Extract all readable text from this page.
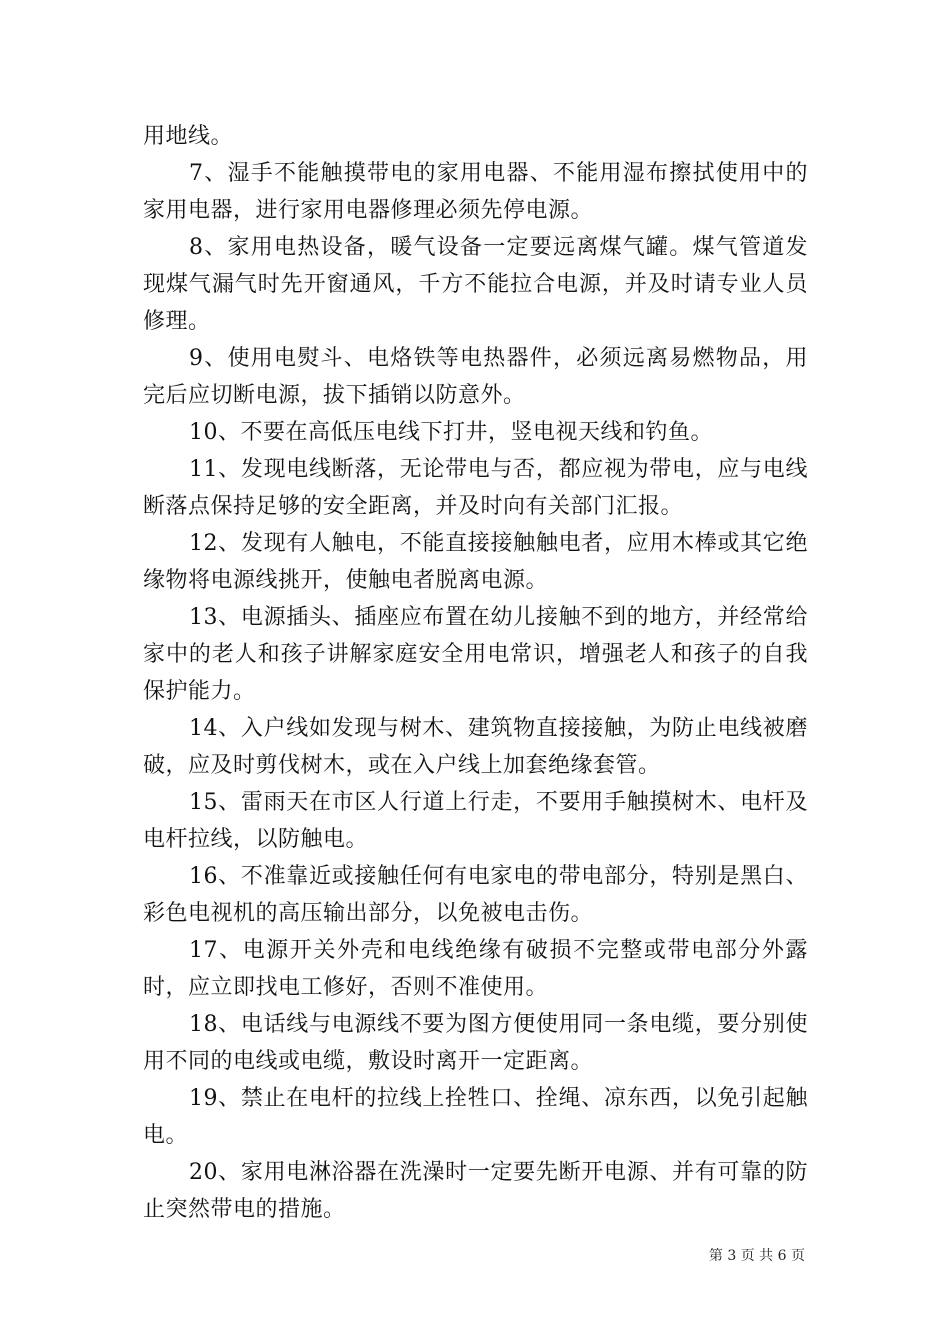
用地线。

7、湿手不能触摸带电的家用电器、不能用湿布擦拭使用中的家用电器，进行家用电器修理必须先停电源。

8、家用电热设备，暖气设备一定要远离煤气罐。煤气管道发现煤气漏气时先开窗通风，千方不能拉合电源，并及时请专业人员修理。

9、使用电熨斗、电烙铁等电热器件，必须远离易燃物品，用完后应切断电源，拔下插销以防意外。

10、不要在高低压电线下打井，竖电视天线和钓鱼。

11、发现电线断落，无论带电与否，都应视为带电，应与电线断落点保持足够的安全距离，并及时向有关部门汇报。

12、发现有人触电，不能直接接触触电者，应用木棒或其它绝缘物将电源线挑开，使触电者脱离电源。

13、电源插头、插座应布置在幼儿接触不到的地方，并经常给家中的老人和孩子讲解家庭安全用电常识，增强老人和孩子的自我保护能力。

14、入户线如发现与树木、建筑物直接接触，为防止电线被磨破，应及时剪伐树木，或在入户线上加套绝缘套管。

15、雷雨天在市区人行道上行走，不要用手触摸树木、电杆及电杆拉线，以防触电。

16、不准靠近或接触任何有电家电的带电部分，特别是黑白、彩色电视机的高压输出部分，以免被电击伤。

17、电源开关外壳和电线绝缘有破损不完整或带电部分外露时，应立即找电工修好，否则不准使用。

18、电话线与电源线不要为图方便使用同一条电缆，要分别使用不同的电线或电缆，敷设时离开一定距离。

19、禁止在电杆的拉线上拴牲口、拴绳、凉东西，以免引起触电。

20、家用电淋浴器在洗澡时一定要先断开电源、并有可靠的防止突然带电的措施。

第 3 页 共 6 页
